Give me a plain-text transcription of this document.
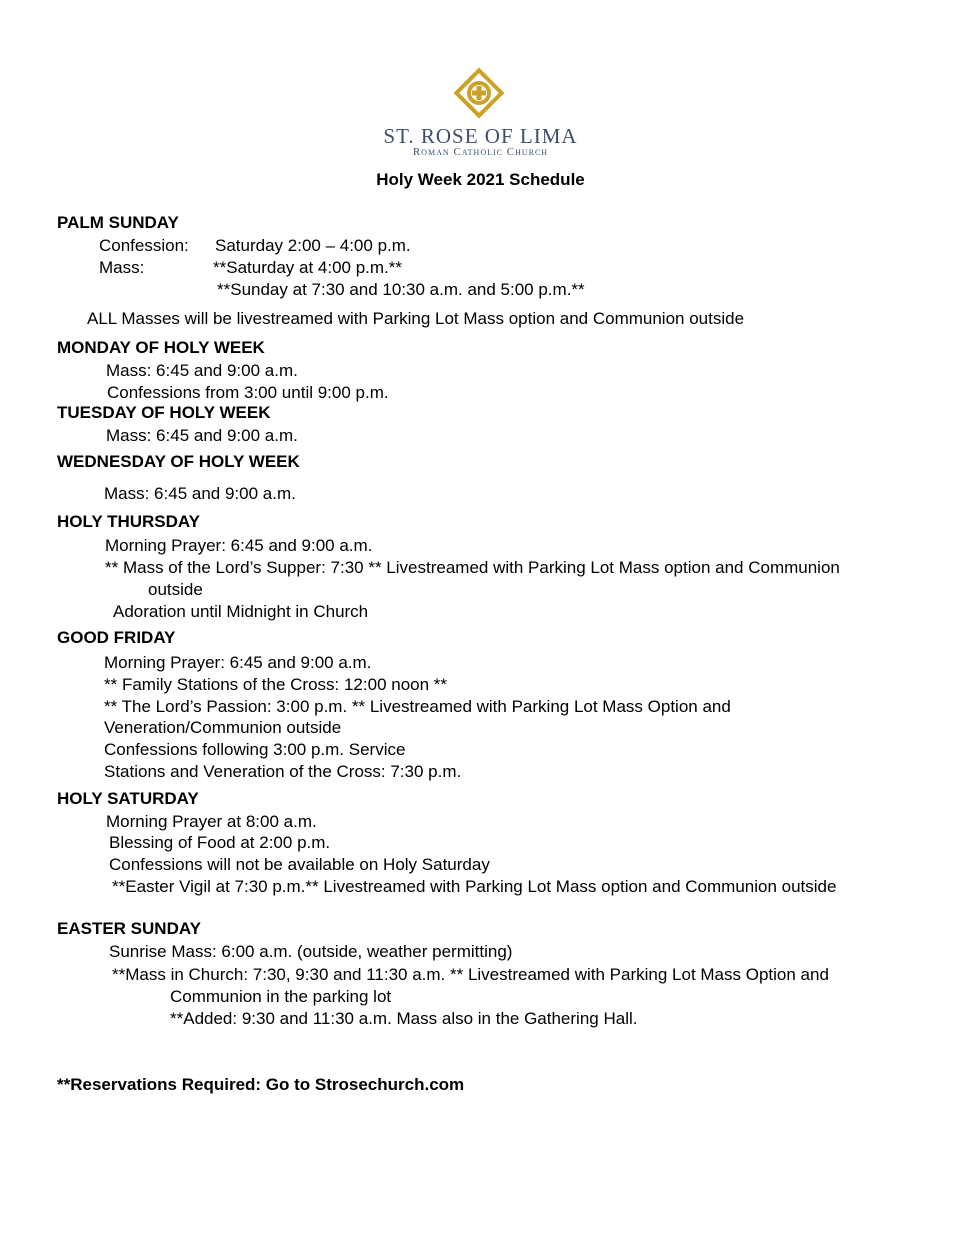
ST. ROSE OF LIMA
Roman Catholic Church
Holy Week 2021 Schedule
PALM SUNDAY
Confession: Saturday 2:00 – 4:00 p.m.
Mass:	**Saturday at 4:00 p.m.**
**Sunday at 7:30 and 10:30 a.m. and 5:00 p.m.**
ALL Masses will be livestreamed with Parking Lot Mass option and Communion outside
MONDAY OF HOLY WEEK
Mass: 6:45 and 9:00 a.m.
Confessions from 3:00 until 9:00 p.m.
TUESDAY OF HOLY WEEK
Mass: 6:45 and 9:00 a.m.
WEDNESDAY OF HOLY WEEK
Mass: 6:45 and 9:00 a.m.
HOLY THURSDAY
Morning Prayer: 6:45 and 9:00 a.m.
** Mass of the Lord’s Supper: 7:30 ** Livestreamed with Parking Lot Mass option and Communion
outside
Adoration until Midnight in Church
GOOD FRIDAY
Morning Prayer: 6:45 and 9:00 a.m.
** Family Stations of the Cross: 12:00 noon **
** The Lord’s Passion: 3:00 p.m. ** Livestreamed with Parking Lot Mass Option and
Veneration/Communion outside
Confessions following 3:00 p.m. Service
Stations and Veneration of the Cross: 7:30 p.m.
HOLY SATURDAY
Morning Prayer at 8:00 a.m.
Blessing of Food at 2:00 p.m.
Confessions will not be available on Holy Saturday
**Easter Vigil at 7:30 p.m.** Livestreamed with Parking Lot Mass option and Communion outside
EASTER SUNDAY
Sunrise Mass: 6:00 a.m. (outside, weather permitting)
**Mass in Church: 7:30, 9:30 and 11:30 a.m. ** Livestreamed with Parking Lot Mass Option and
Communion in the parking lot
**Added: 9:30 and 11:30 a.m. Mass also in the Gathering Hall.
**Reservations Required: Go to Strosechurch.com
